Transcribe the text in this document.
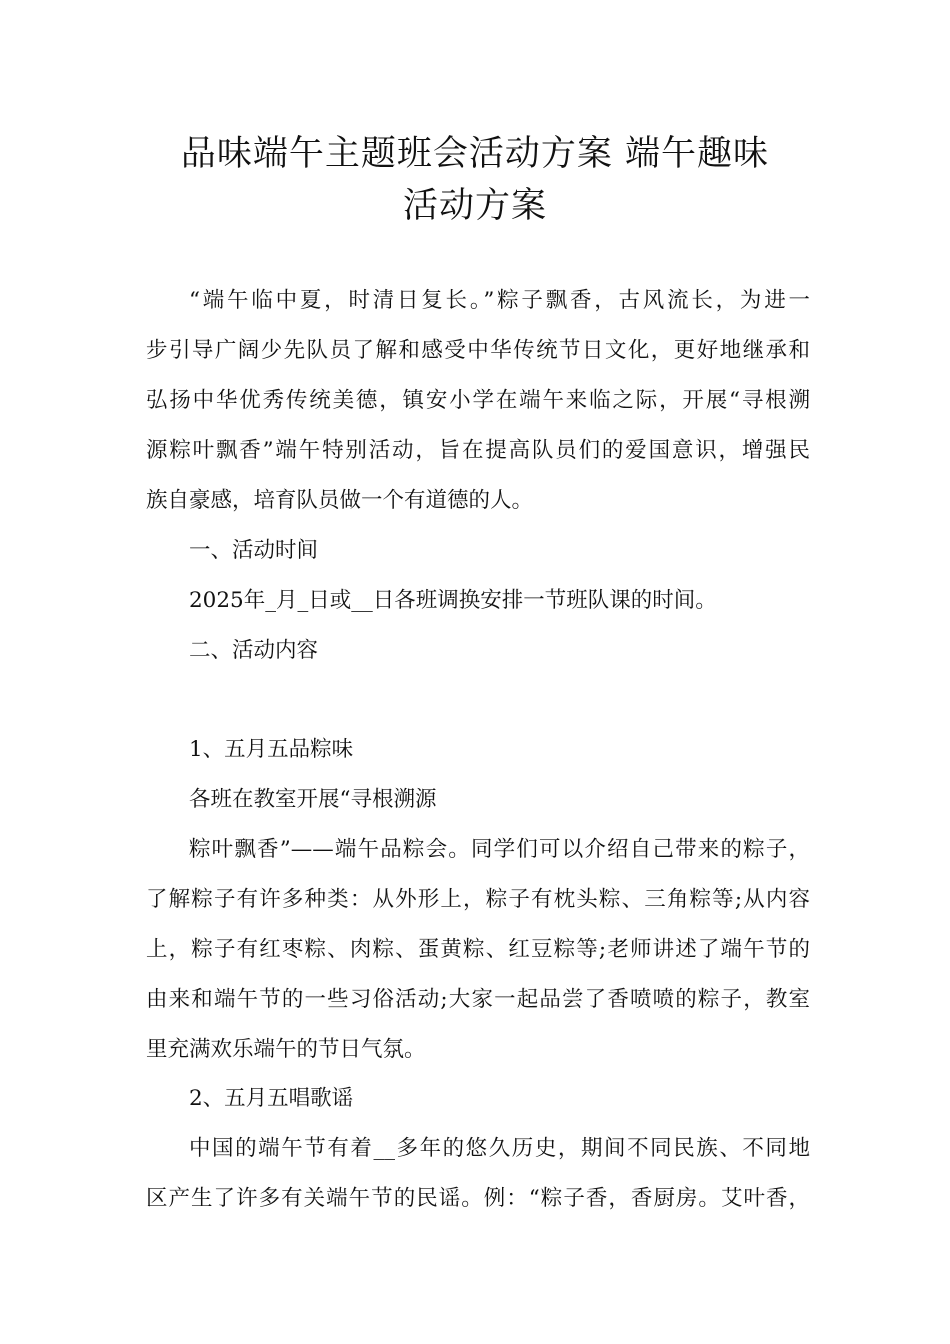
品味端午主题班会活动方案 端午趣味
活动方案
“端午临中夏，时清日复长。”粽子飘香，古风流长，为进一
步引导广阔少先队员了解和感受中华传统节日文化，更好地继承和
弘扬中华优秀传统美德，镇安小学在端午来临之际，开展“寻根溯
源粽叶飘香”端午特别活动，旨在提高队员们的爱国意识，增强民
族自豪感，培育队员做一个有道德的人。
一、活动时间
2025年_月_日或__日各班调换安排一节班队课的时间。
二、活动内容
1、五月五品粽味
各班在教室开展“寻根溯源
粽叶飘香”——端午品粽会。同学们可以介绍自己带来的粽子，
了解粽子有许多种类：从外形上，粽子有枕头粽、三角粽等;从内容
上，粽子有红枣粽、肉粽、蛋黄粽、红豆粽等;老师讲述了端午节的
由来和端午节的一些习俗活动;大家一起品尝了香喷喷的粽子，教室
里充满欢乐端午的节日气氛。
2、五月五唱歌谣
中国的端午节有着__多年的悠久历史，期间不同民族、不同地
区产生了许多有关端午节的民谣。例：“粽子香，香厨房。艾叶香，
